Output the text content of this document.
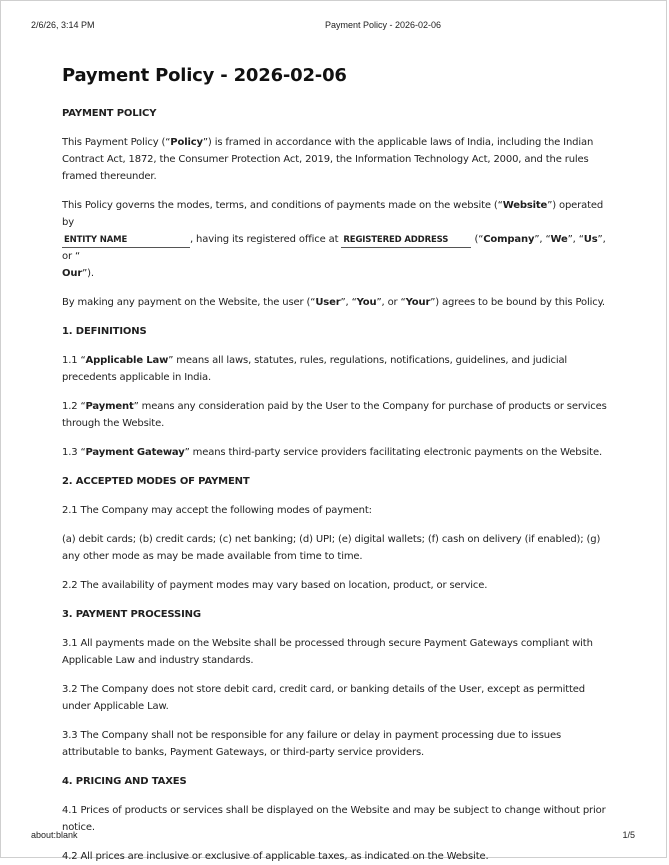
2/6/26, 3:14 PM	Payment Policy - 2026-02-06
Payment Policy - 2026-02-06

PAYMENT POLICY

This Payment Policy (“Policy”) is framed in accordance with the applicable laws of India, including the Indian Contract Act, 1872, the Consumer Protection Act, 2019, the Information Technology Act, 2000, and the rules framed thereunder.

This Policy governs the modes, terms, and conditions of payments made on the website (“Website”) operated by
ENTITY NAME	, having its registered office at REGISTERED ADDRESS	(“Company”, “We”, “Us”, or “
Our”).

By making any payment on the Website, the user (“User”, “You”, or “Your”) agrees to be bound by this Policy.

1. DEFINITIONS

1.1 “Applicable Law” means all laws, statutes, rules, regulations, notifications, guidelines, and judicial precedents applicable in India.

1.2 “Payment” means any consideration paid by the User to the Company for purchase of products or services through the Website.

1.3 “Payment Gateway” means third-party service providers facilitating electronic payments on the Website.

2. ACCEPTED MODES OF PAYMENT

2.1 The Company may accept the following modes of payment:

(a) debit cards; (b) credit cards; (c) net banking; (d) UPI; (e) digital wallets; (f) cash on delivery (if enabled); (g) any other mode as may be made available from time to time.

2.2 The availability of payment modes may vary based on location, product, or service.

3. PAYMENT PROCESSING

3.1 All payments made on the Website shall be processed through secure Payment Gateways compliant with Applicable Law and industry standards.

3.2 The Company does not store debit card, credit card, or banking details of the User, except as permitted under Applicable Law.

3.3 The Company shall not be responsible for any failure or delay in payment processing due to issues attributable to banks, Payment Gateways, or third-party service providers.

4. PRICING AND TAXES

4.1 Prices of products or services shall be displayed on the Website and may be subject to change without prior notice.

4.2 All prices are inclusive or exclusive of applicable taxes, as indicated on the Website.

about:blank	1/5
